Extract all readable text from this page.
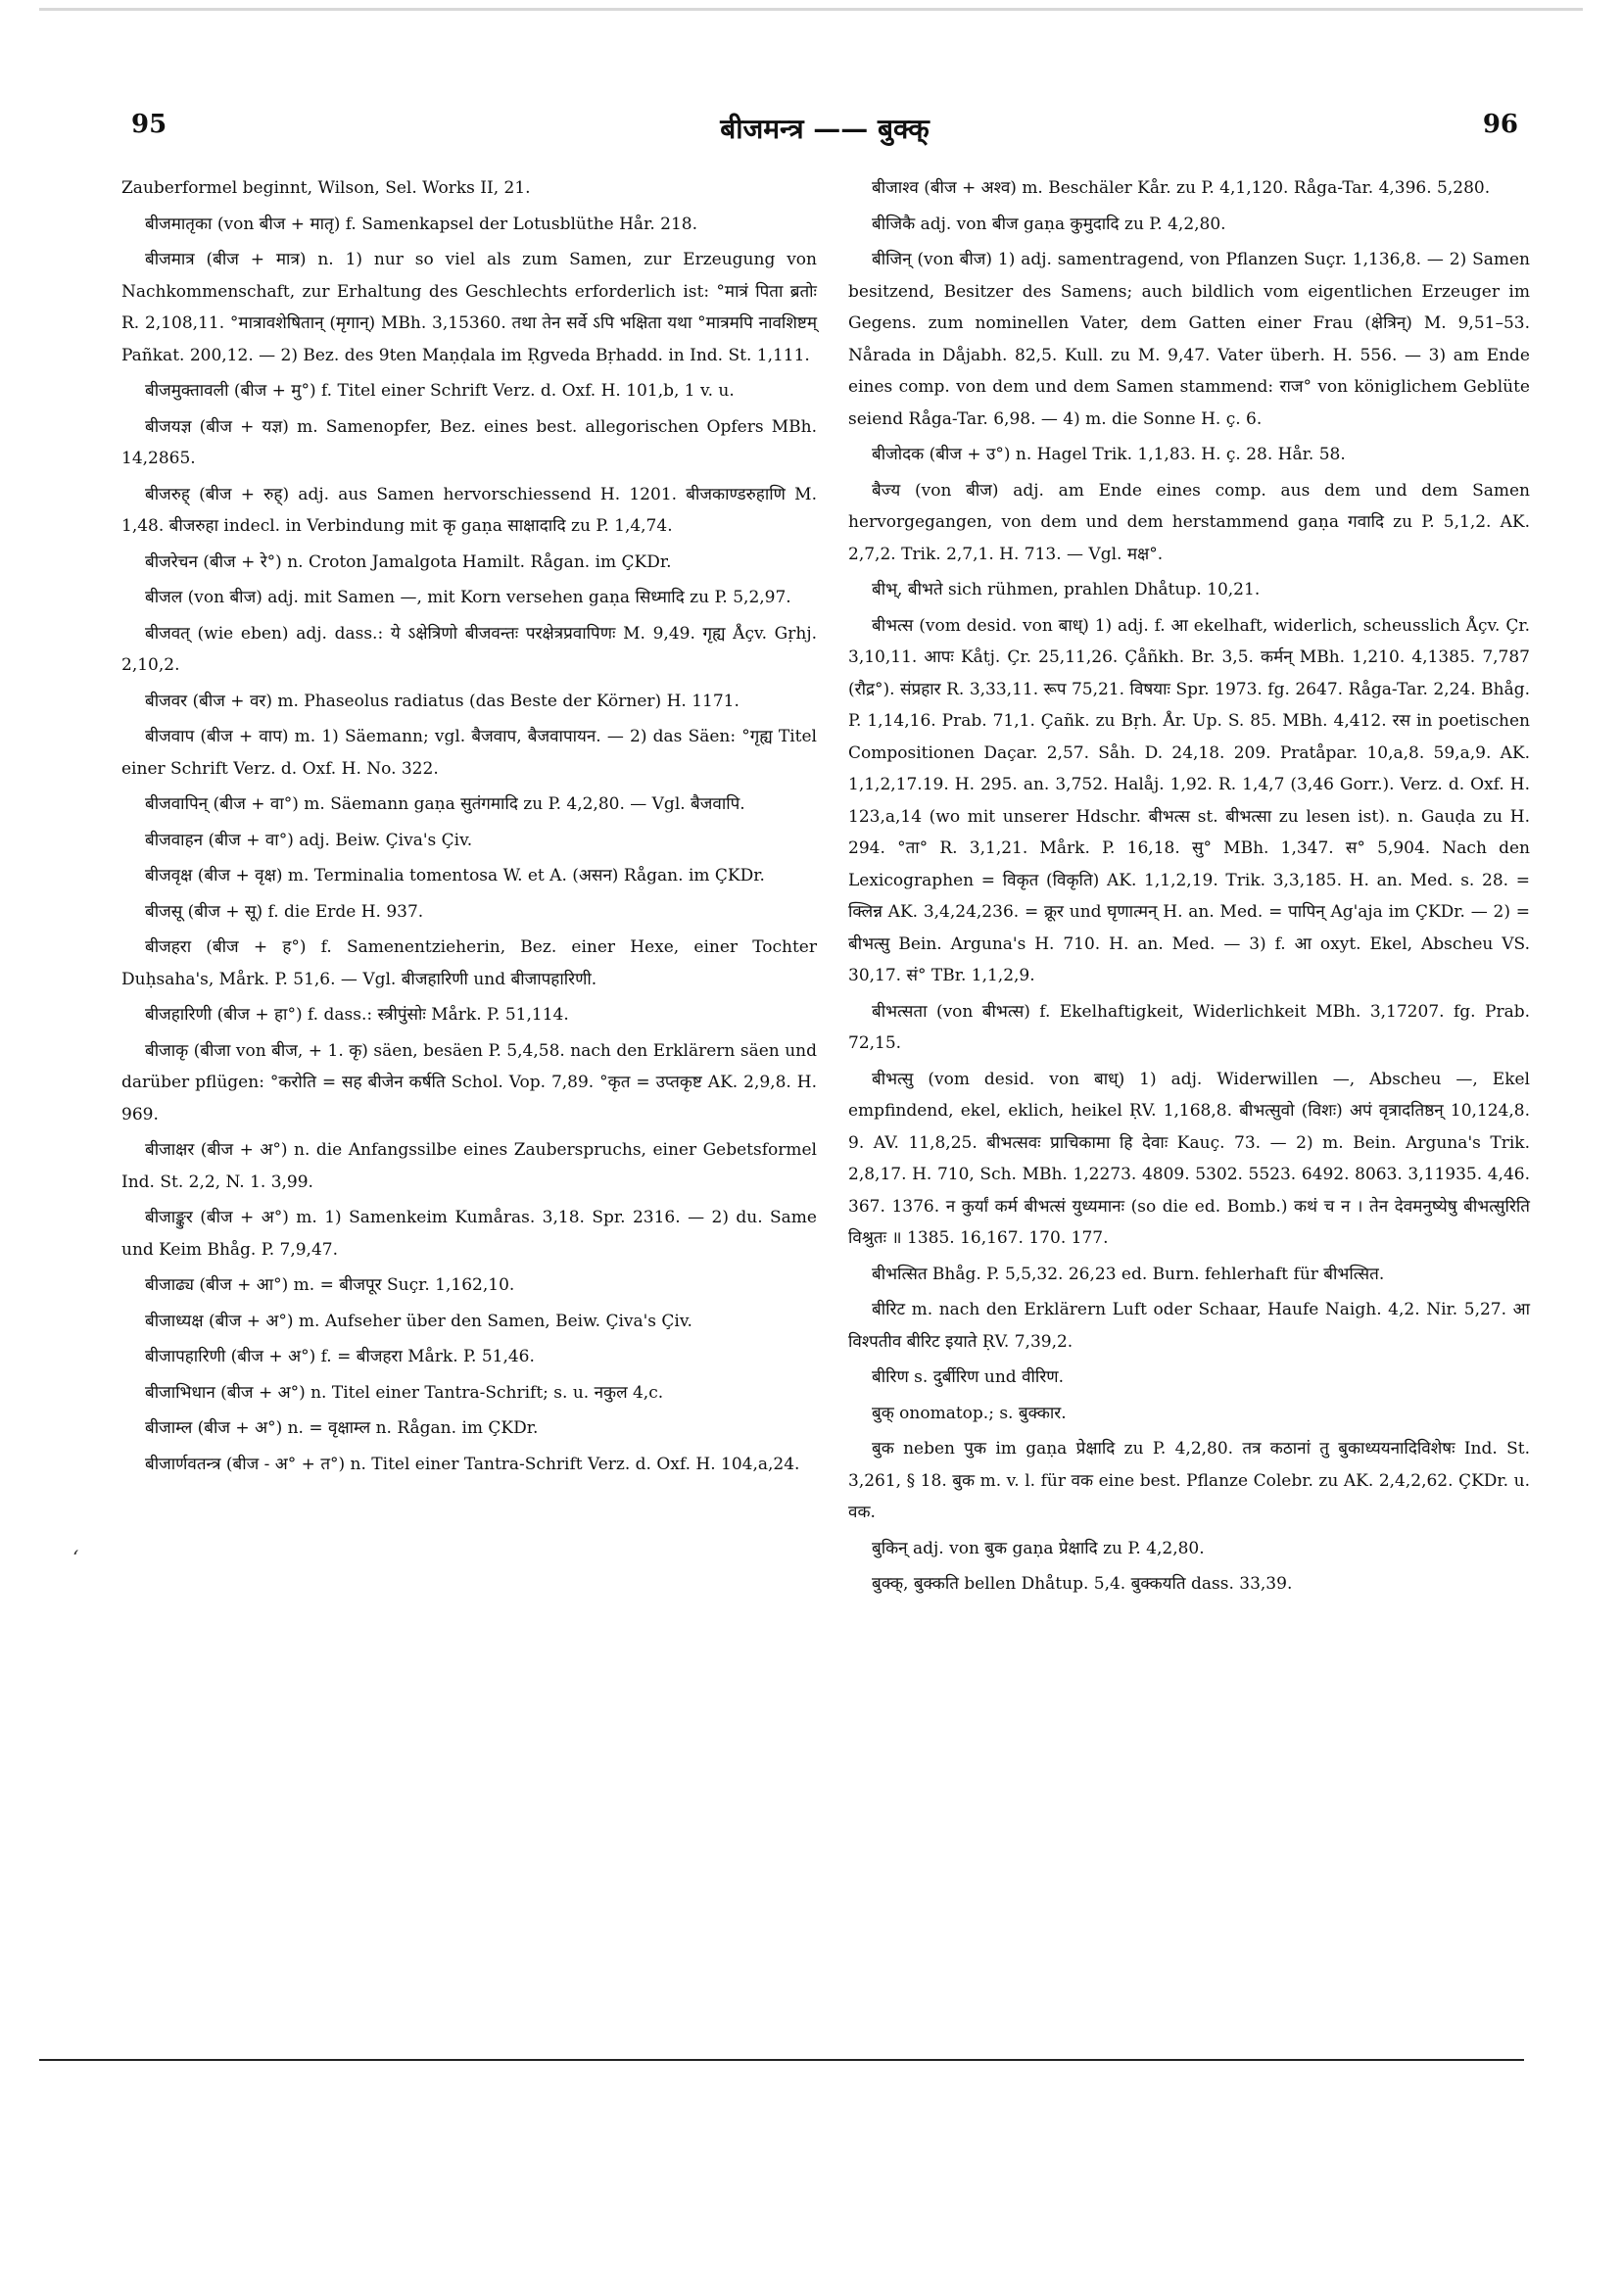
95	बीजमन्त्र —— बुक्क्	96

Zauberformel beginnt, Wilson, Sel. Works II, 21.

बीजमातृका (von बीज + मातृ) f. Samenkapsel der Lotusblüthe Hår. 218.

बीजमात्र (बीज + मात्र) n. 1) nur so viel als zum Samen, zur Erzeugung von Nachkommenschaft, zur Erhaltung des Geschlechts erforderlich ist: °मात्रं पिता ब्रतोः R. 2,108,11. °मात्रावशेषितान् (मृगान्) MBh. 3,15360. तथा तेन सर्वे ऽपि भक्षिता यथा °मात्रमपि नावशिष्टम् Pañkat. 200,12. — 2) Bez. des 9ten Maṇḍala im Ṛgveda Bṛhadd. in Ind. St. 1,111.

बीजमुक्तावली (बीज + मु°) f. Titel einer Schrift Verz. d. Oxf. H. 101,b, 1 v. u.

बीजयज्ञ (बीज + यज्ञ) m. Samenopfer, Bez. eines best. allegorischen Opfers MBh. 14,2865.

बीजरुह् (बीज + रुह्) adj. aus Samen hervorschiessend H. 1201. बीजकाण्डरुहाणि M. 1,48. बीजरुहा indecl. in Verbindung mit कृ gaṇa साक्षादादि zu P. 1,4,74.

बीजरेचन (बीज + रे°) n. Croton Jamalgota Hamilt. Rågan. im ÇKDr.

बीजल (von बीज) adj. mit Samen —, mit Korn versehen gaṇa सिध्मादि zu P. 5,2,97.

बीजवत् (wie eben) adj. dass.: ये ऽक्षेत्रिणो बीजवन्तः परक्षेत्रप्रवापिणः M. 9,49. गृह्य Åçv. Gṛhj. 2,10,2.

बीजवर (बीज + वर) m. Phaseolus radiatus (das Beste der Körner) H. 1171.

बीजवाप (बीज + वाप) m. 1) Säemann; vgl. बैजवाप, बैजवापायन. — 2) das Säen: °गृह्य Titel einer Schrift Verz. d. Oxf. H. No. 322.

बीजवापिन् (बीज + वा°) m. Säemann gaṇa सुतंगमादि zu P. 4,2,80. — Vgl. बैजवापि.

बीजवाहन (बीज + वा°) adj. Beiw. Çiva's Çiv.

बीजवृक्ष (बीज + वृक्ष) m. Terminalia tomentosa W. et A. (असन) Rågan. im ÇKDr.

बीजसू (बीज + सू) f. die Erde H. 937.

बीजहरा (बीज + ह°) f. Samenentzieherin, Bez. einer Hexe, einer Tochter Duḥsaha's, Mårk. P. 51,6. — Vgl. बीजहारिणी und बीजापहारिणी.

बीजहारिणी (बीज + हा°) f. dass.: स्त्रीपुंसोः Mårk. P. 51,114.

बीजाकृ (बीजा von बीज, + 1. कृ) säen, besäen P. 5,4,58. nach den Erklärern säen und darüber pflügen: °करोति = सह बीजेन कर्षति Schol. Vop. 7,89. °कृत = उप्तकृष्ट AK. 2,9,8. H. 969.

बीजाक्षर (बीज + अ°) n. die Anfangssilbe eines Zauberspruchs, einer Gebetsformel Ind. St. 2,2, N. 1. 3,99.

बीजाङ्कुर (बीज + अ°) m. 1) Samenkeim Kumåras. 3,18. Spr. 2316. — 2) du. Same und Keim Bhåg. P. 7,9,47.

बीजाढ्य (बीज + आ°) m. = बीजपूर Suçr. 1,162,10.

बीजाध्यक्ष (बीज + अ°) m. Aufseher über den Samen, Beiw. Çiva's Çiv.

बीजापहारिणी (बीज + अ°) f. = बीजहरा Mårk. P. 51,46.

बीजाभिधान (बीज + अ°) n. Titel einer Tantra-Schrift; s. u. नकुल 4,c.

बीजाम्ल (बीज + अ°) n. = वृक्षाम्ल n. Rågan. im ÇKDr.

बीजार्णवतन्त्र (बीज - अ° + त°) n. Titel einer Tantra-Schrift Verz. d. Oxf. H. 104,a,24.

बीजाश्व (बीज + अश्व) m. Beschäler Kår. zu P. 4,1,120. Råga-Tar. 4,396. 5,280.

बीजिकै adj. von बीज gaṇa कुमुदादि zu P. 4,2,80.

बीजिन् (von बीज) 1) adj. samentragend, von Pflanzen Suçr. 1,136,8. — 2) Samen besitzend, Besitzer des Samens; auch bildlich vom eigentlichen Erzeuger im Gegens. zum nominellen Vater, dem Gatten einer Frau (क्षेत्रिन्) M. 9,51–53. Nårada in Dåjabh. 82,5. Kull. zu M. 9,47. Vater überh. H. 556. — 3) am Ende eines comp. von dem und dem Samen stammend: राज° von königlichem Geblüte seiend Råga-Tar. 6,98. — 4) m. die Sonne H. ç. 6.

बीजोदक (बीज + उ°) n. Hagel Trik. 1,1,83. H. ç. 28. Hår. 58.

बैज्य (von बीज) adj. am Ende eines comp. aus dem und dem Samen hervorgegangen, von dem und dem herstammend gaṇa गवादि zu P. 5,1,2. AK. 2,7,2. Trik. 2,7,1. H. 713. — Vgl. मक्ष°.

बीभ्, बीभते sich rühmen, prahlen Dhåtup. 10,21.

बीभत्स (vom desid. von बाध्) 1) adj. f. आ ekelhaft, widerlich, scheusslich Åçv. Çr. 3,10,11. आपः Kåtj. Çr. 25,11,26. Çåñkh. Br. 3,5. कर्मन् MBh. 1,210. 4,1385. 7,787 (रौद्र°). संप्रहार R. 3,33,11. रूप 75,21. विषयाः Spr. 1973. fg. 2647. Råga-Tar. 2,24. Bhåg. P. 1,14,16. Prab. 71,1. Çañk. zu Bṛh. År. Up. S. 85. MBh. 4,412. रस in poetischen Compositionen Daçar. 2,57. Såh. D. 24,18. 209. Pratåpar. 10,a,8. 59,a,9. AK. 1,1,2,17.19. H. 295. an. 3,752. Halåj. 1,92. R. 1,4,7 (3,46 Gorr.). Verz. d. Oxf. H. 123,a,14 (wo mit unserer Hdschr. बीभत्स st. बीभत्सा zu lesen ist). n. Gauḍa zu H. 294. °ता° R. 3,1,21. Mårk. P. 16,18. सु° MBh. 1,347. स° 5,904. Nach den Lexicographen = विकृत (विकृति) AK. 1,1,2,19. Trik. 3,3,185. H. an. Med. s. 28. = क्लिन्न AK. 3,4,24,236. = क्रूर und घृणात्मन् H. an. Med. = पापिन् Ag'aja im ÇKDr. — 2) = बीभत्सु Bein. Arguna's H. 710. H. an. Med. — 3) f. आ oxyt. Ekel, Abscheu VS. 30,17. सं° TBr. 1,1,2,9.

बीभत्सता (von बीभत्स) f. Ekelhaftigkeit, Widerlichkeit MBh. 3,17207. fg. Prab. 72,15.

बीभत्सु (vom desid. von बाध्) 1) adj. Widerwillen —, Abscheu —, Ekel empfindend, ekel, eklich, heikel ṚV. 1,168,8. बीभत्सुवो (विशः) अपं वृत्रादतिष्ठन् 10,124,8. 9. AV. 11,8,25. बीभत्सवः प्राचिकामा हि देवाः Kauç. 73. — 2) m. Bein. Arguna's Trik. 2,8,17. H. 710, Sch. MBh. 1,2273. 4809. 5302. 5523. 6492. 8063. 3,11935. 4,46. 367. 1376. न कुर्यां कर्म बीभत्सं युध्यमानः (so die ed. Bomb.) कथं च न । तेन देवमनुष्येषु बीभत्सुरिति विश्रुतः ॥ 1385. 16,167. 170. 177.

बीभत्सित Bhåg. P. 5,5,32. 26,23 ed. Burn. fehlerhaft für बीभत्सित.

बीरिट m. nach den Erklärern Luft oder Schaar, Haufe Naigh. 4,2. Nir. 5,27. आ विश्पतीव बीरिट इयाते ṚV. 7,39,2.

बीरिण s. दुर्बीरिण und वीरिण.

बुक् onomatop.; s. बुक्कार.

बुक neben पुक im gaṇa प्रेक्षादि zu P. 4,2,80. तत्र कठानां तु बुकाध्ययनादिविशेषः Ind. St. 3,261, § 18. बुक m. v. l. für वक eine best. Pflanze Colebr. zu AK. 2,4,2,62. ÇKDr. u. वक.

बुकिन् adj. von बुक gaṇa प्रेक्षादि zu P. 4,2,80.

बुक्क्, बुक्कति bellen Dhåtup. 5,4. बुक्कयति dass. 33,39.

ʻ
